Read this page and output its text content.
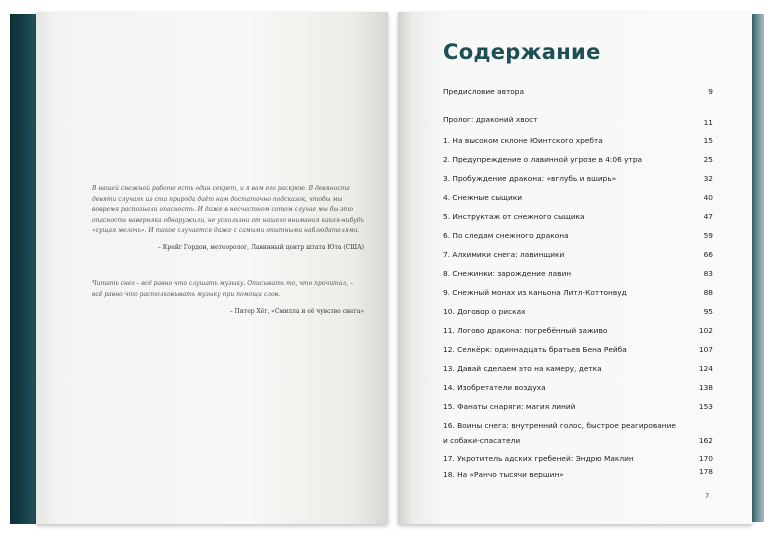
В нашей снежной работе есть один секрет, и я вам его раскрою. В девяноста девяти случаях из ста природа даёт нам достаточно подсказок, чтобы мы вовремя распознали опасность. И даже в несчастном сотом случае мы бы это опасность наверняка обнаружили, не ускользни от нашего внимания какая-нибудь «сущая мелочь». И такое случается даже с самыми опытными наблюдателями.
– Крейг Гордон, метеоролог, Лавинный центр штата Юта (США)
Читать снег – всё равно что слушать музыку. Описывать то, что прочитал, – всё равно что растолковывать музыку при помощи слов.
– Питер Хёг, «Смилла и её чувство снега»
Содержание
Предисловие автора	9
Пролог: драконий хвост	11
1. На высоком склоне Юинтского хребта	15
2. Предупреждение о лавинной угрозе в 4:06 утра	25
3. Пробуждение дракона: «вглубь и вширь»	32
4. Снежные сыщики	40
5. Инструктаж от снежного сыщика	47
6. По следам снежного дракона	59
7. Алхимики снега: лавинщики	66
8. Снежинки: зарождение лавин	83
9. Снежный монах из каньона Литл-Коттонвуд	88
10. Договор о рисках	95
11. Логово дракона: погребённый заживо	102
12. Селкёрк: одиннадцать братьев Бена Рейба	107
13. Давай сделаем это на камеру, детка	124
14. Изобретатели воздуха	138
15. Фанаты снаряги: магия линий	153
16. Воины снега: внутренний голос, быстрое реагирование
и собаки-спасатели	162
17. Укротитель адских гребеней: Эндрю Маклин	170
18. На «Ранчо тысячи вершин»	178
7
